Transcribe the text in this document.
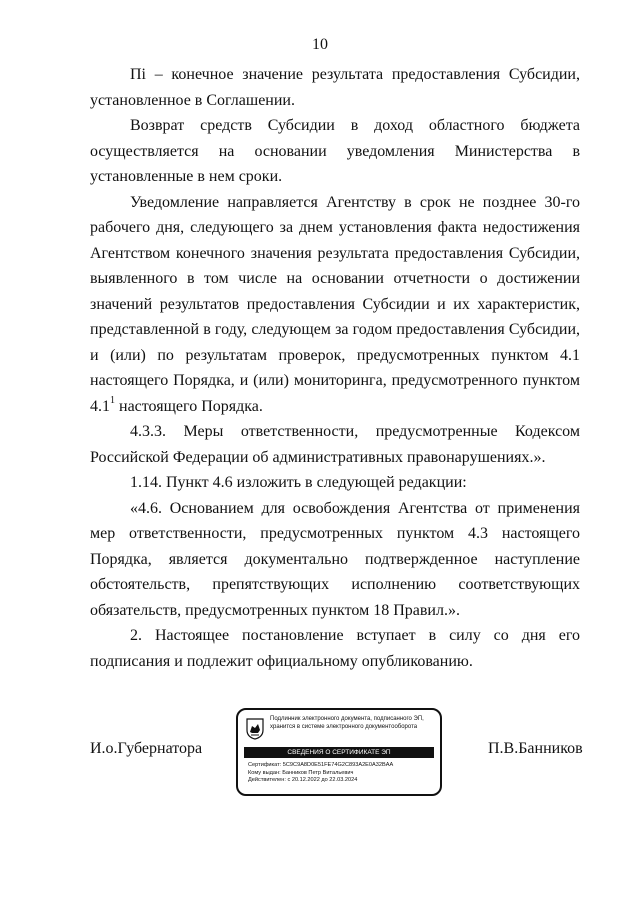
10

Пi – конечное значение результата предоставления Субсидии, установленное в Соглашении.

Возврат средств Субсидии в доход областного бюджета осуществляется на основании уведомления Министерства в установленные в нем сроки.

Уведомление направляется Агентству в срок не позднее 30-го рабочего дня, следующего за днем установления факта недостижения Агентством конечного значения результата предоставления Субсидии, выявленного в том числе на основании отчетности о достижении значений результатов предоставления Субсидии и их характеристик, представленной в году, следующем за годом предоставления Субсидии, и (или) по результатам проверок, предусмотренных пунктом 4.1 настоящего Порядка, и (или) мониторинга, предусмотренного пунктом $4.1^1$ настоящего Порядка.

4.3.3. Меры ответственности, предусмотренные Кодексом Российской Федерации об административных правонарушениях.».

1.14. Пункт 4.6 изложить в следующей редакции:

«4.6. Основанием для освобождения Агентства от применения мер ответственности, предусмотренных пунктом 4.3 настоящего Порядка, является документально подтвержденное наступление обстоятельств, препятствующих исполнению соответствующих обязательств, предусмотренных пунктом 18 Правил.».

2. Настоящее постановление вступает в силу со дня его подписания и подлежит официальному опубликованию.

И.о.Губернатора
Подлинник электронного документа, подписанного ЭП, хранится в системе электронного документооборота
СВЕДЕНИЯ О СЕРТИФИКАТЕ ЭП
Сертификат: 5C9C9A8D0E51FE74G2C893A2E0A32BAA
Кому выдан: Банников Петр Витальевич
Действителен: с 20.12.2022 до 22.03.2024
П.В.Банников
